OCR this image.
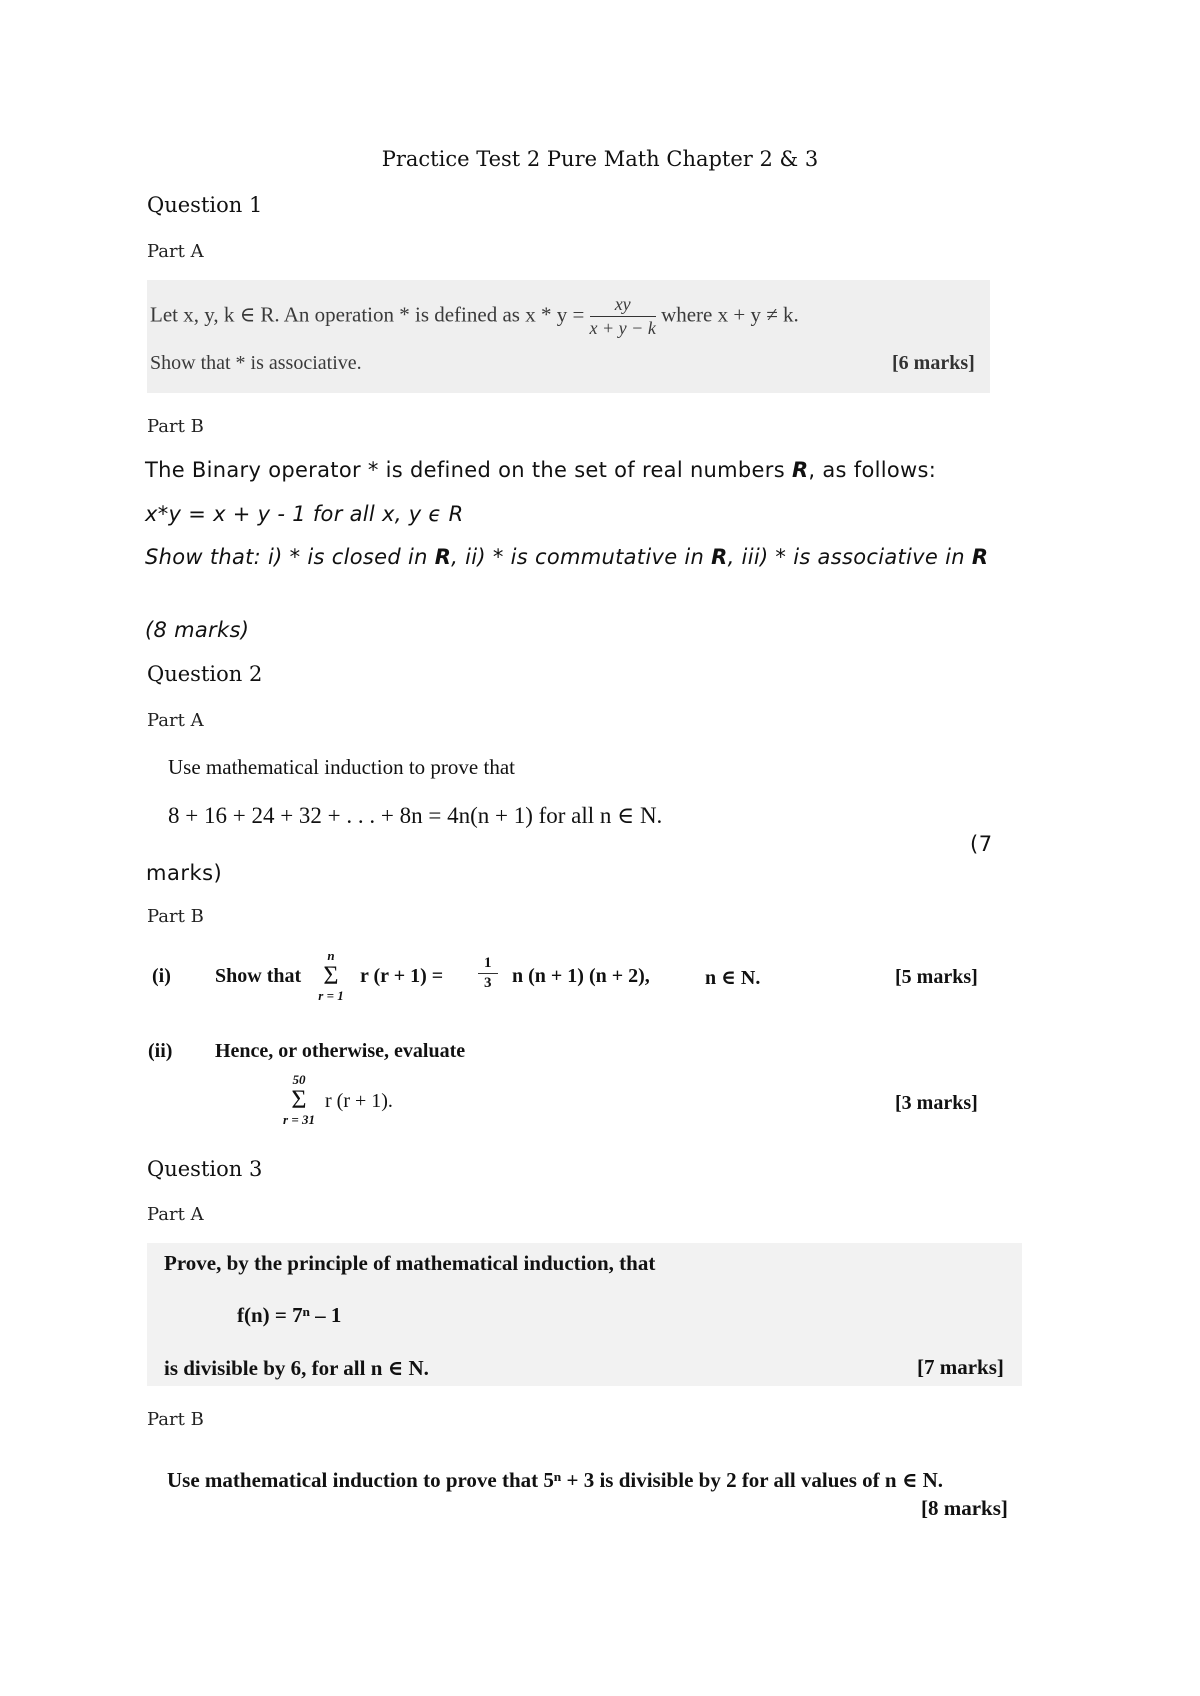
Practice Test 2 Pure Math Chapter 2 & 3
Question 1
Part A
Let x, y, k ∈ R. An operation * is defined as $x * y = \frac{xy}{x + y - k}$ where x + y ≠ k.
Show that * is associative.	[6 marks]
Part B
The Binary operator * is defined on the set of real numbers R, as follows:
x*y = x + y - 1 for all x, y ϵ R
Show that: i) * is closed in R, ii) * is commutative in R, iii) * is associative in R
(8 marks)
Question 2
Part A
Use mathematical induction to prove that
8 + 16 + 24 + 32 + . . . + 8n = 4n(n + 1) for all n ∈ N.
(7
marks)
Part B
(i) Show that
n
Σ
r = 1
r $(r + 1) = \frac{1}{3}$ n (n + 1) (n + 2),	n ∈ N.	[5 marks]
(ii) Hence, or otherwise, evaluate
50
Σ
r = 31
r (r + 1).	[3 marks]
Question 3
Part A
Prove, by the principle of mathematical induction, that
f(n) = 7ⁿ – 1
is divisible by 6, for all n ∈ N.	[7 marks]
Part B
Use mathematical induction to prove that 5ⁿ + 3 is divisible by 2 for all values of n ∈ N.
[8 marks]
